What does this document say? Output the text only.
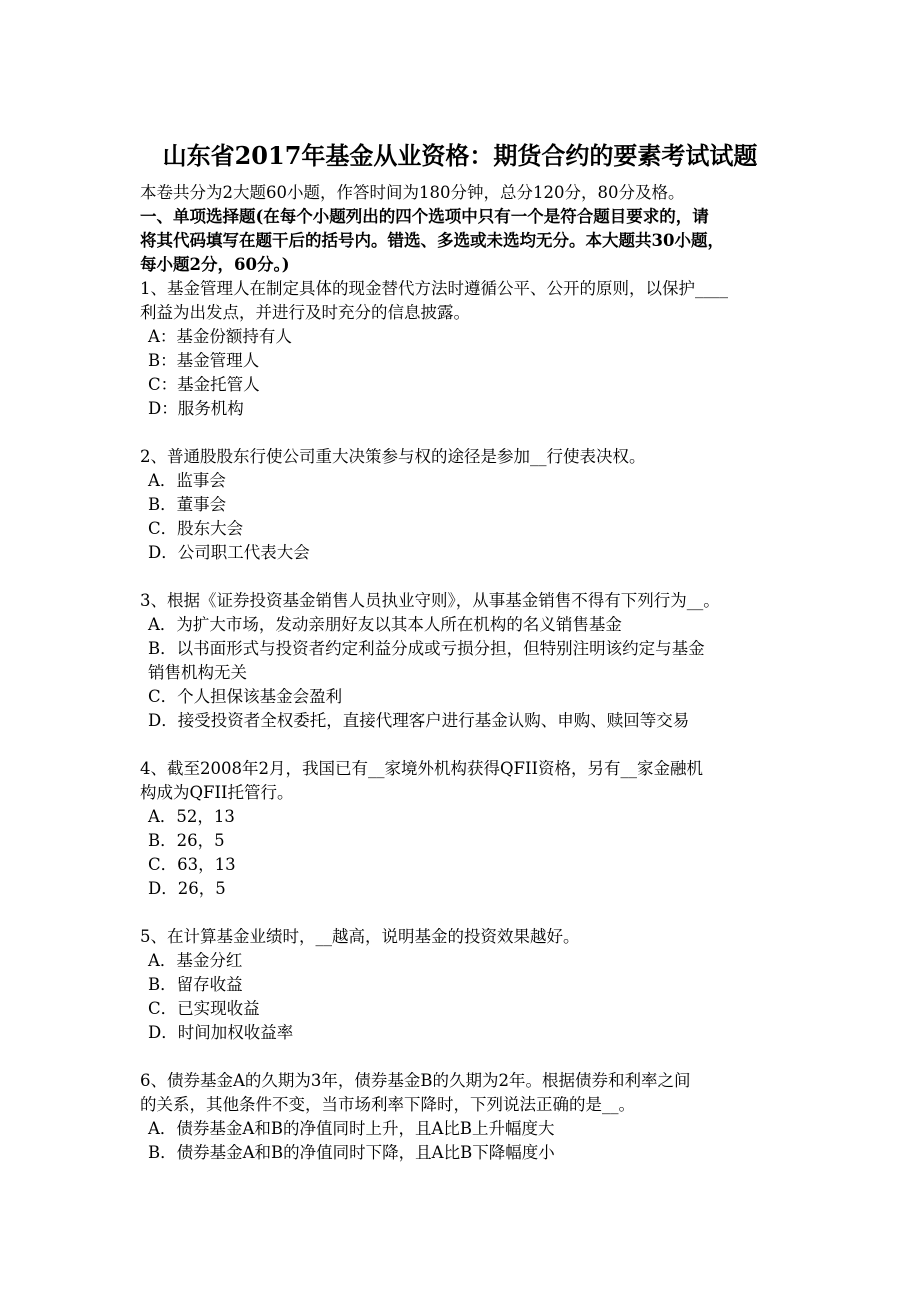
山东省2017年基金从业资格：期货合约的要素考试试题
本卷共分为2大题60小题，作答时间为180分钟，总分120分，80分及格。
一、单项选择题(在每个小题列出的四个选项中只有一个是符合题目要求的，请
将其代码填写在题干后的括号内。错选、多选或未选均无分。本大题共30小题，
每小题2分，60分。)
1、基金管理人在制定具体的现金替代方法时遵循公平、公开的原则，以保护____
利益为出发点，并进行及时充分的信息披露。
A：基金份额持有人
B：基金管理人
C：基金托管人
D：服务机构
2、普通股股东行使公司重大决策参与权的途径是参加__行使表决权。
A．监事会
B．董事会
C．股东大会
D．公司职工代表大会
3、根据《证券投资基金销售人员执业守则》，从事基金销售不得有下列行为__。
A．为扩大市场，发动亲朋好友以其本人所在机构的名义销售基金
B．以书面形式与投资者约定利益分成或亏损分担，但特别注明该约定与基金
销售机构无关
C．个人担保该基金会盈利
D．接受投资者全权委托，直接代理客户进行基金认购、申购、赎回等交易
4、截至2008年2月，我国已有__家境外机构获得QFII资格，另有__家金融机
构成为QFII托管行。
A．52，13
B．26，5
C．63，13
D．26，5
5、在计算基金业绩时，__越高，说明基金的投资效果越好。
A．基金分红
B．留存收益
C．已实现收益
D．时间加权收益率
6、债券基金A的久期为3年，债券基金B的久期为2年。根据债券和利率之间
的关系，其他条件不变，当市场利率下降时，下列说法正确的是__。
A．债券基金A和B的净值同时上升，且A比B上升幅度大
B．债券基金A和B的净值同时下降，且A比B下降幅度小
